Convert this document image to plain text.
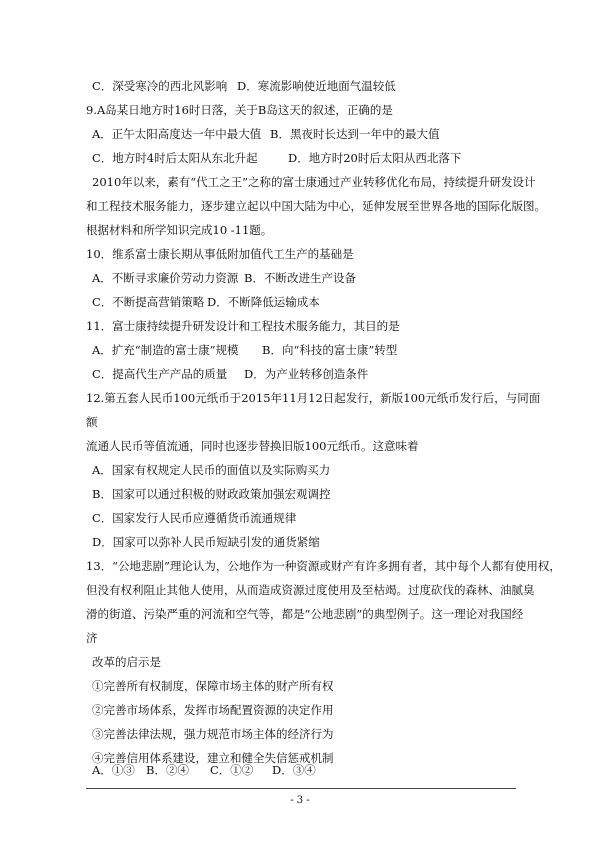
C．深受寒冷的西北风影响 D．寒流影响使近地面气温较低
9.A岛某日地方时16时日落，关于B岛这天的叙述，正确的是
A．正午太阳高度达一年中最大值 B．黑夜时长达到一年中的最大值
C．地方时4时后太阳从东北升起	D．地方时20时后太阳从西北落下
2010年以来，素有“代工之王”之称的富士康通过产业转移优化布局，持续提升研发设计
和工程技术服务能力，逐步建立起以中国大陆为中心，延伸发展至世界各地的国际化版图。
根据材料和所学知识完成10 -11题。
10．维系富士康长期从事低附加值代工生产的基础是
A．不断寻求廉价劳动力资源 B．不断改进生产设备
C．不断提高营销策略 D．不断降低运输成本
11．富士康持续提升研发设计和工程技术服务能力，其目的是
A．扩充“制造的富士康”规模 B．向“科技的富士康”转型
C．提高代生产产品的质量 D．为产业转移创造条件
12.第五套人民币100元纸币于2015年11月12日起发行，新版100元纸币发行后，与同面
额
流通人民币等值流通，同时也逐步替换旧版100元纸币。这意味着
A．国家有权规定人民币的面值以及实际购买力
B．国家可以通过积极的财政政策加强宏观调控
C．国家发行人民币应遵循货币流通规律
D．国家可以弥补人民币短缺引发的通货紧缩
13．“公地悲剧”理论认为，公地作为一种资源或财产有许多拥有者，其中每个人都有使用权，
但没有权利阻止其他人使用，从而造成资源过度使用及至枯竭。过度砍伐的森林、油腻臭
滑的街道、污染严重的河流和空气等，都是“公地悲剧”的典型例子。这一理论对我国经
济
改革的启示是
①完善所有权制度，保障市场主体的财产所有权
②完善市场体系，发挥市场配置资源的决定作用
③完善法律法规，强力规范市场主体的经济行为
④完善信用体系建设，建立和健全失信惩戒机制
A．①③ B．②④ C．①② D．③④
- 3 -
